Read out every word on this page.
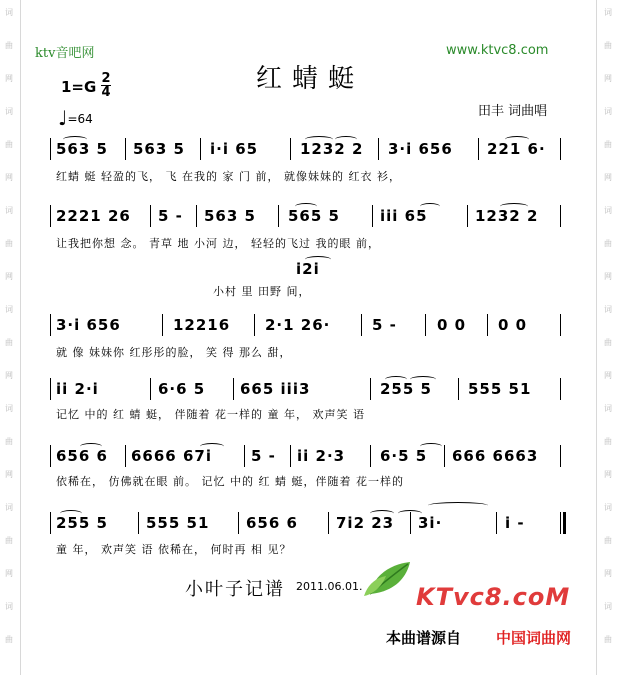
词
曲
网
词
曲
网
词
曲
网
词
曲
网
词
曲
网
词
曲
网
词
曲
词
曲
网
词
曲
网
词
曲
网
词
曲
网
词
曲
网
词
曲
网
词
曲
ktv音吧网	www.ktvc8.com
1=G 2
4
♩=64
红蜻蜓
田丰 词曲唱
563 5 563 5 i·i 65	1232 2 3·i 656 221 6·
红蜻 蜓 轻盈的飞， 飞 在我的 家 门 前， 就像妹妹的 红衣 衫，
2221 26 5 - 563 5 565 5	iii 65	1232 2
让我把你想 念。 青草 地 小河 边， 轻轻的飞过 我的眼 前，
i2i
小村 里 田野 间，
3·i 656	12216 2·1 26·	5 -	0 0 0 0
就 像 妹妹你 红彤彤的脸， 笑 得 那么 甜，
ii 2·i	6·6 5 665 iii3	255 5 555 51
记忆 中的 红 蜻 蜓， 伴随着 花一样的 童 年， 欢声笑 语
656 6 6666 67i	5 - ii 2·3 6·5 5 666 6663
依稀在， 仿佛就在眼 前。 记忆 中的 红 蜻 蜓，伴随着 花一样的
255 5	555 51 656 6	7i2 23 3i·	i -
童 年， 欢声笑 语 依稀在， 何时再 相 见？
小叶子记谱 2011.06.01. KTvc8.coM
本曲谱源自 中国词曲网
